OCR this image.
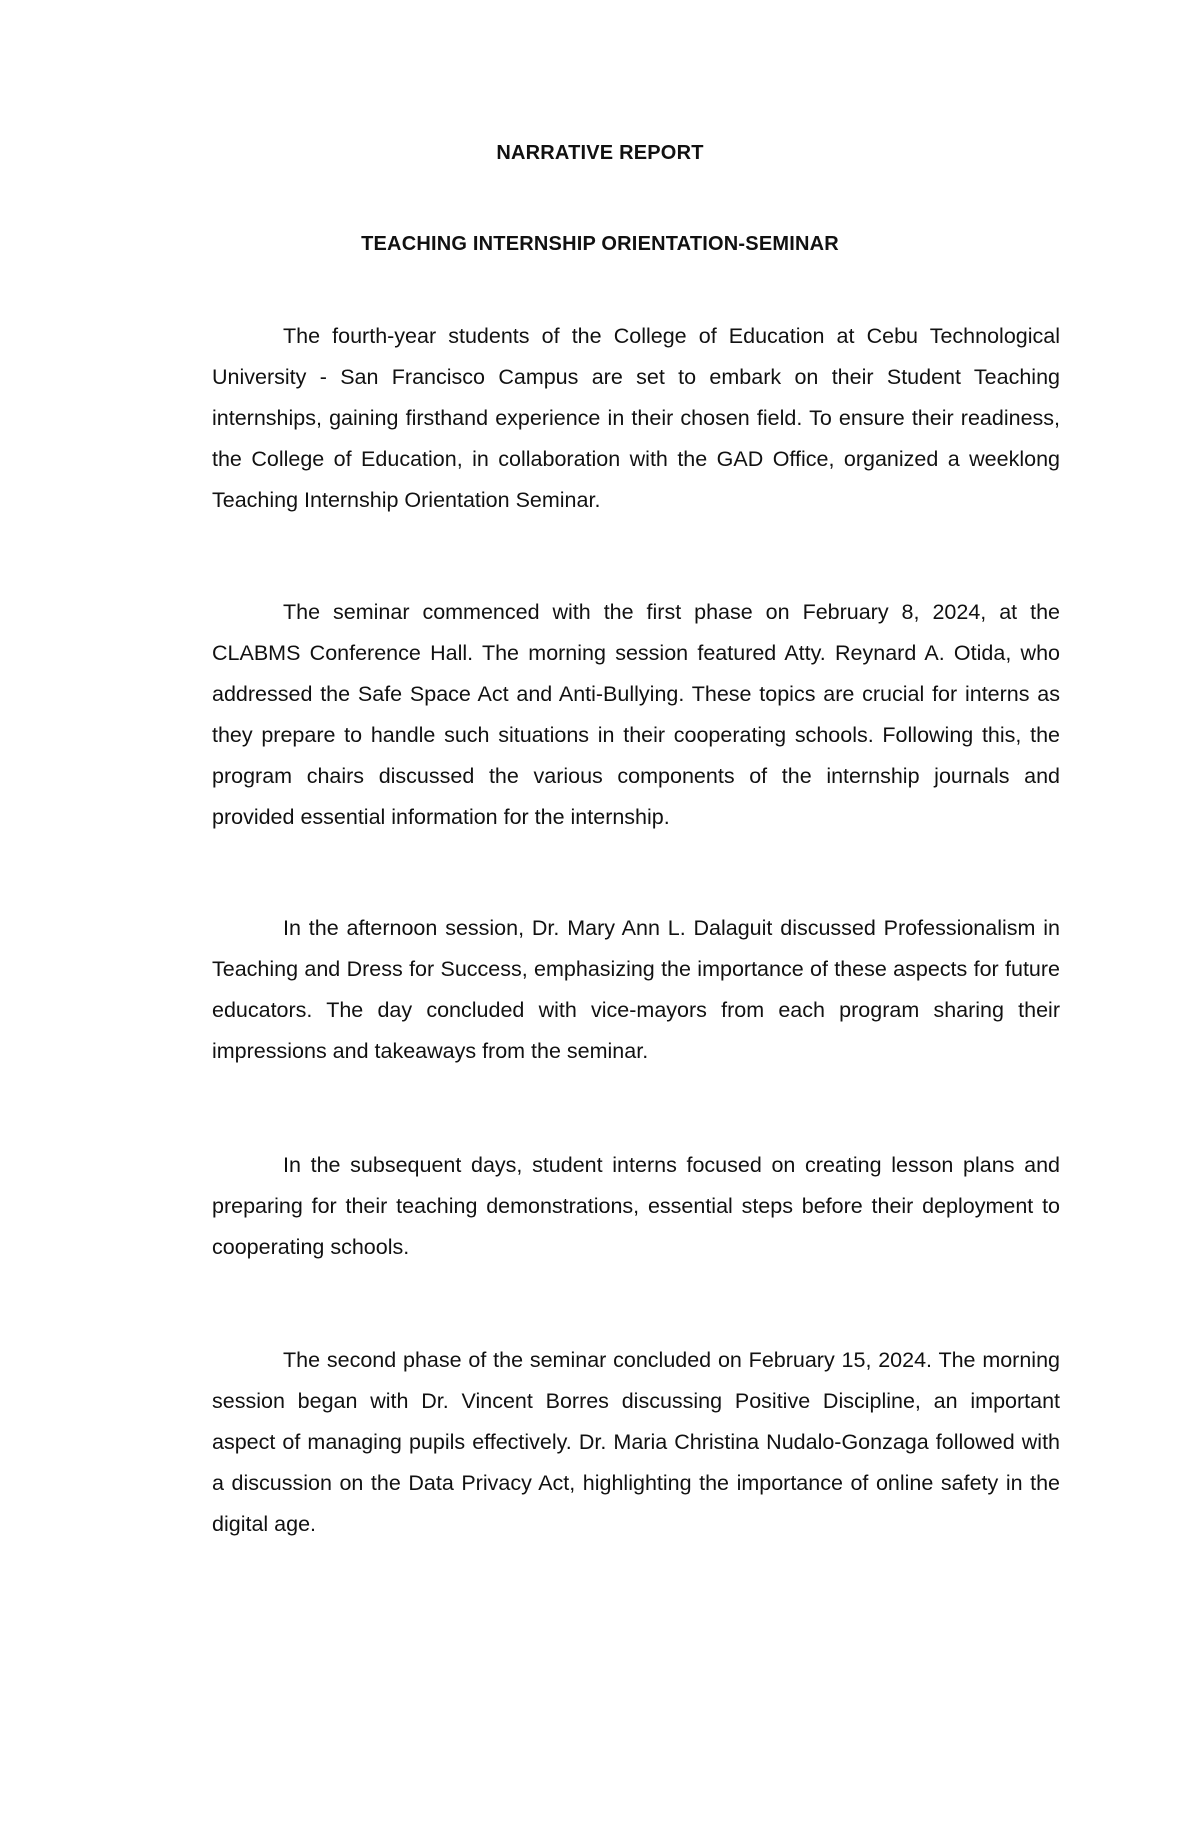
NARRATIVE REPORT
TEACHING INTERNSHIP ORIENTATION-SEMINAR

The fourth-year students of the College of Education at Cebu Technological University - San Francisco Campus are set to embark on their Student Teaching internships, gaining firsthand experience in their chosen field. To ensure their readiness, the College of Education, in collaboration with the GAD Office, organized a weeklong Teaching Internship Orientation Seminar.

The seminar commenced with the first phase on February 8, 2024, at the CLABMS Conference Hall. The morning session featured Atty. Reynard A. Otida, who addressed the Safe Space Act and Anti-Bullying. These topics are crucial for interns as they prepare to handle such situations in their cooperating schools. Following this, the program chairs discussed the various components of the internship journals and provided essential information for the internship.

In the afternoon session, Dr. Mary Ann L. Dalaguit discussed Professionalism in Teaching and Dress for Success, emphasizing the importance of these aspects for future educators. The day concluded with vice-mayors from each program sharing their impressions and takeaways from the seminar.

In the subsequent days, student interns focused on creating lesson plans and preparing for their teaching demonstrations, essential steps before their deployment to cooperating schools.

The second phase of the seminar concluded on February 15, 2024. The morning session began with Dr. Vincent Borres discussing Positive Discipline, an important aspect of managing pupils effectively. Dr. Maria Christina Nudalo-Gonzaga followed with a discussion on the Data Privacy Act, highlighting the importance of online safety in the digital age.
